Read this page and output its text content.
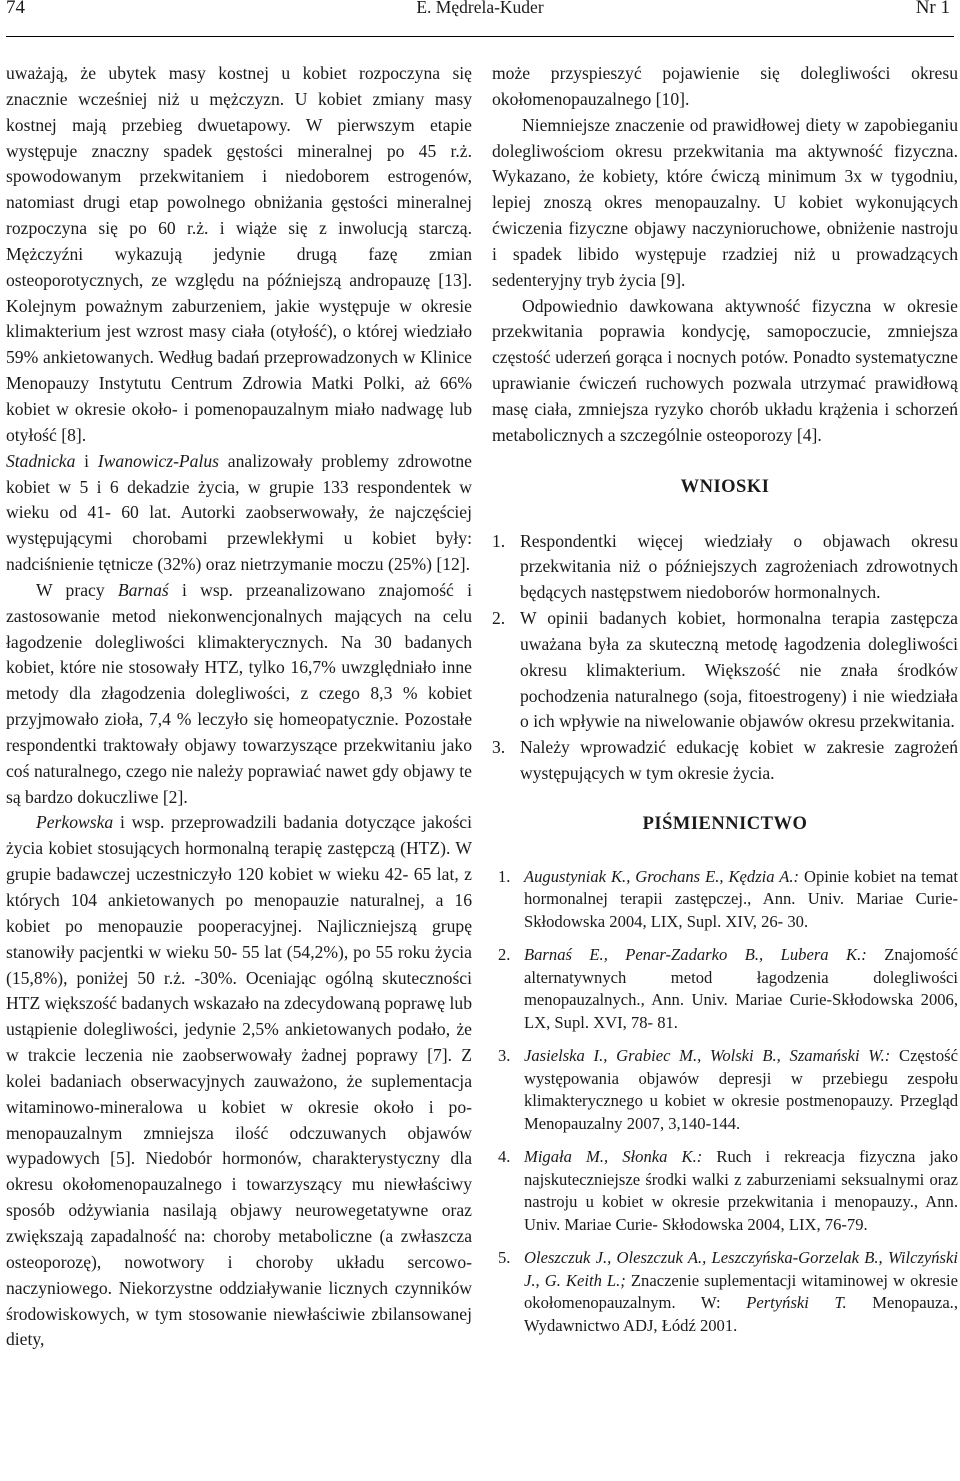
74	E. Mędrela-Kuder	Nr 1

uważają, że ubytek masy kostnej u kobiet rozpoczyna się znacznie wcześniej niż u mężczyzn. U kobiet zmiany masy kostnej mają przebieg dwuetapowy. W pierwszym etapie występuje znaczny spadek gęstości mineralnej po 45 r.ż. spowodowanym przekwitaniem i niedoborem estrogenów, natomiast drugi etap powolnego obniżania gęstości mineralnej rozpoczyna się po 60 r.ż. i wiąże się z inwolucją starczą. Mężczyźni wykazują jedynie drugą fazę zmian osteoporotycznych, ze względu na późniejszą andropauzę [13]. Kolejnym poważnym zaburzeniem, jakie występuje w okresie klimakterium jest wzrost masy ciała (otyłość), o której wiedziało 59% ankietowanych. Według badań przeprowadzonych w Klinice Menopauzy Instytutu Centrum Zdrowia Matki Polki, aż 66% kobiet w okresie około- i pomenopauzalnym miało nadwagę lub otyłość [8].

Stadnicka i Iwanowicz-Palus analizowały problemy zdrowotne kobiet w 5 i 6 dekadzie życia, w grupie 133 respondentek w wieku od 41- 60 lat. Autorki zaobserwowały, że najczęściej występującymi chorobami przewlekłymi u kobiet były: nadciśnienie tętnicze (32%) oraz nietrzymanie moczu (25%) [12].

W pracy Barnaś i wsp. przeanalizowano znajomość i zastosowanie metod niekonwencjonalnych mających na celu łagodzenie dolegliwości klimakterycznych. Na 30 badanych kobiet, które nie stosowały HTZ, tylko 16,7% uwzględniało inne metody dla złagodzenia dolegliwości, z czego 8,3 % kobiet przyjmowało zioła, 7,4 % leczyło się homeopatycznie. Pozostałe respondentki traktowały objawy towarzyszące przekwitaniu jako coś naturalnego, czego nie należy poprawiać nawet gdy objawy te są bardzo dokuczliwe [2].

Perkowska i wsp. przeprowadzili badania dotyczące jakości życia kobiet stosujących hormonalną terapię zastępczą (HTZ). W grupie badawczej uczestniczyło 120 kobiet w wieku 42- 65 lat, z których 104 ankietowanych po menopauzie naturalnej, a 16 kobiet po menopauzie pooperacyjnej. Najliczniejszą grupę stanowiły pacjentki w wieku 50- 55 lat (54,2%), po 55 roku życia (15,8%), poniżej 50 r.ż. -30%. Oceniając ogólną skuteczności HTZ większość badanych wskazało na zdecydowaną poprawę lub ustąpienie dolegliwości, jedynie 2,5% ankietowanych podało, że w trakcie leczenia nie zaobserwowały żadnej poprawy [7]. Z kolei badaniach obserwacyjnych zauważono, że suplementacja witaminowo-mineralowa u kobiet w okresie około i po-menopauzalnym zmniejsza ilość odczuwanych objawów wypadowych [5]. Niedobór hormonów, charakterystyczny dla okresu okołomenopauzalnego i towarzyszący mu niewłaściwy sposób odżywiania nasilają objawy neurowegetatywne oraz zwiększają zapadalność na: choroby metaboliczne (a zwłaszcza osteoporozę), nowotwory i choroby układu sercowo- naczyniowego. Niekorzystne oddziaływanie licznych czynników środowiskowych, w tym stosowanie niewłaściwie zbilansowanej diety,

może przyspieszyć pojawienie się dolegliwości okresu okołomenopauzalnego [10].

Niemniejsze znaczenie od prawidłowej diety w zapobieganiu dolegliwościom okresu przekwitania ma aktywność fizyczna. Wykazano, że kobiety, które ćwiczą minimum 3x w tygodniu, lepiej znoszą okres menopauzalny. U kobiet wykonujących ćwiczenia fizyczne objawy naczynioruchowe, obniżenie nastroju i spadek libido występuje rzadziej niż u prowadzących sedenteryjny tryb życia [9].

Odpowiednio dawkowana aktywność fizyczna w okresie przekwitania poprawia kondycję, samopoczucie, zmniejsza częstość uderzeń gorąca i nocnych potów. Ponadto systematyczne uprawianie ćwiczeń ruchowych pozwala utrzymać prawidłową masę ciała, zmniejsza ryzyko chorób układu krążenia i schorzeń metabolicznych a szczególnie osteoporozy [4].

WNIOSKI
1. Respondentki więcej wiedziały o objawach okresu przekwitania niż o późniejszych zagrożeniach zdrowotnych będących następstwem niedoborów hormonalnych.
2. W opinii badanych kobiet, hormonalna terapia zastępcza uważana była za skuteczną metodę łagodzenia dolegliwości okresu klimakterium. Większość nie znała środków pochodzenia naturalnego (soja, fitoestrogeny) i nie wiedziała o ich wpływie na niwelowanie objawów okresu przekwitania.
3. Należy wprowadzić edukację kobiet w zakresie zagrożeń występujących w tym okresie życia.
PIŚMIENNICTWO
1. Augustyniak K., Grochans E., Kędzia A.: Opinie kobiet na temat hormonalnej terapii zastępczej., Ann. Univ. Mariae Curie- Skłodowska 2004, LIX, Supl. XIV, 26- 30.
2. Barnaś E., Penar-Zadarko B., Lubera K.: Znajomość alternatywnych metod łagodzenia dolegliwości menopauzalnych., Ann. Univ. Mariae Curie-Skłodowska 2006, LX, Supl. XVI, 78- 81.
3. Jasielska I., Grabiec M., Wolski B., Szamański W.: Częstość występowania objawów depresji w przebiegu zespołu klimakterycznego u kobiet w okresie postmenopauzy. Przegląd Menopauzalny 2007, 3,140-144.
4. Migała M., Słonka K.: Ruch i rekreacja fizyczna jako najskuteczniejsze środki walki z zaburzeniami seksualnymi oraz nastroju u kobiet w okresie przekwitania i menopauzy., Ann. Univ. Mariae Curie- Skłodowska 2004, LIX, 76-79.
5. Oleszczuk J., Oleszczuk A., Leszczyńska-Gorzelak B., Wilczyński J., G. Keith L.; Znaczenie suplementacji witaminowej w okresie okołomenopauzalnym. W: Pertyński T. Menopauza., Wydawnictwo ADJ, Łódź 2001.
